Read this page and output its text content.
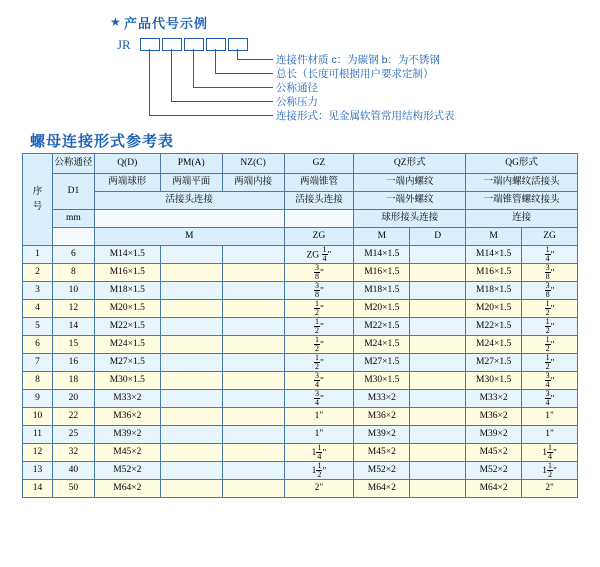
★ 产品代号示例
JR
连接件材质 c：为碳钢 b：为不锈钢
总长（长度可根据用户要求定制）
公称通径
公称压力
连接形式：见金属软管常用结构形式表
螺母连接形式参考表
序
号	公称通径	Q(D)	PM(A)	NZ(C)	GZ	QZ形式		QG形式	
	D1	两端球形	两端平面	两端内接	两端锥管	一端内螺纹		一端内螺纹活接头	
		活接头连接			活接头连接	一端外螺纹		一端锥管螺纹接头	
	mm					球形接头连接		连接	
		M			ZG	M	D	M	ZG
1	6	M14×1.5			ZG $\frac{1}{4}$ "	M14×1.5		M14×1.5	$\frac{1}{4}$ "
2	8	M16×1.5			$\frac{3}{8}$ "	M16×1.5		M16×1.5	$\frac{3}{8}$ "
3	10	M18×1.5			$\frac{3}{8}$ "	M18×1.5		M18×1.5	$\frac{3}{8}$ "
4	12	M20×1.5			$\frac{1}{2}$ "	M20×1.5		M20×1.5	$\frac{1}{2}$ "
5	14	M22×1.5			$\frac{1}{2}$ "	M22×1.5		M22×1.5	$\frac{1}{2}$ "
6	15	M24×1.5			$\frac{1}{2}$ "	M24×1.5		M24×1.5	$\frac{1}{2}$ "
7	16	M27×1.5			$\frac{1}{2}$ "	M27×1.5		M27×1.5	$\frac{1}{2}$ "
8	18	M30×1.5			$\frac{3}{4}$ "	M30×1.5		M30×1.5	$\frac{3}{4}$ "
9	20	M33×2			$\frac{3}{4}$ "	M33×2		M33×2	$\frac{3}{4}$ "
10	22	M36×2			1"	M36×2		M36×2	1"
11	25	M39×2			1"	M39×2		M39×2	1"
12	32	M45×2			$1 \frac{1}{4}$ "	M45×2		M45×2	$1 \frac{1}{4}$ "
13	40	M52×2			$1 \frac{1}{2}$ "	M52×2		M52×2	$1 \frac{1}{2}$ "
14	50	M64×2			2"	M64×2		M64×2	2"
